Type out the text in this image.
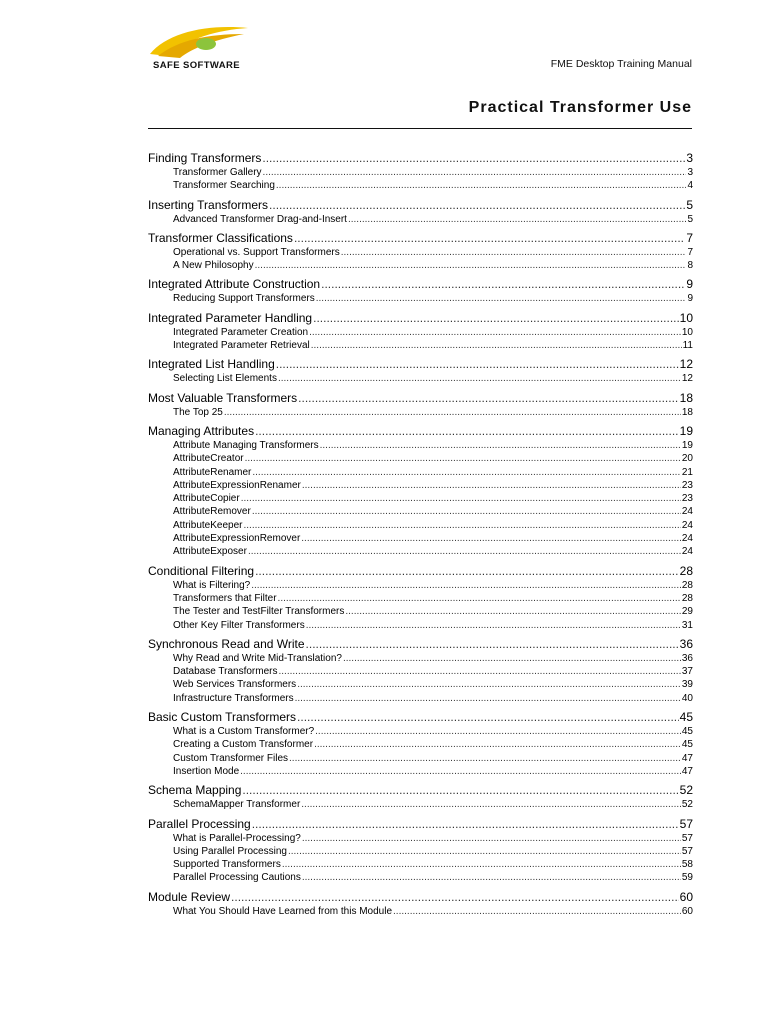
SAFE SOFTWARE	FME Desktop Training Manual
Practical Transformer Use
Finding Transformers .....	3
Transformer Gallery .....	3
Transformer Searching .....	4
Inserting Transformers .....	5
Advanced Transformer Drag-and-Insert .....	5
Transformer Classifications .....	7
Operational vs. Support Transformers .....	7
A New Philosophy .....	8
Integrated Attribute Construction .....	9
Reducing Support Transformers .....	9
Integrated Parameter Handling .....	10
Integrated Parameter Creation .....	10
Integrated Parameter Retrieval .....	11
Integrated List Handling .....	12
Selecting List Elements .....	12
Most Valuable Transformers .....	18
The Top 25 .....	18
Managing Attributes .....	19
Attribute Managing Transformers .....	19
AttributeCreator .....	20
AttributeRenamer .....	21
AttributeExpressionRenamer .....	23
AttributeCopier .....	23
AttributeRemover .....	24
AttributeKeeper .....	24
AttributeExpressionRemover .....	24
AttributeExposer .....	24
Conditional Filtering .....	28
What is Filtering? .....	28
Transformers that Filter .....	28
The Tester and TestFilter Transformers .....	29
Other Key Filter Transformers .....	31
Synchronous Read and Write .....	36
Why Read and Write Mid-Translation? .....	36
Database Transformers .....	37
Web Services Transformers .....	39
Infrastructure Transformers .....	40
Basic Custom Transformers .....	45
What is a Custom Transformer? .....	45
Creating a Custom Transformer .....	45
Custom Transformer Files .....	47
Insertion Mode .....	47
Schema Mapping .....	52
SchemaMapper Transformer .....	52
Parallel Processing .....	57
What is Parallel-Processing? .....	57
Using Parallel Processing .....	57
Supported Transformers .....	58
Parallel Processing Cautions .....	59
Module Review .....	60
What You Should Have Learned from this Module .....	60
